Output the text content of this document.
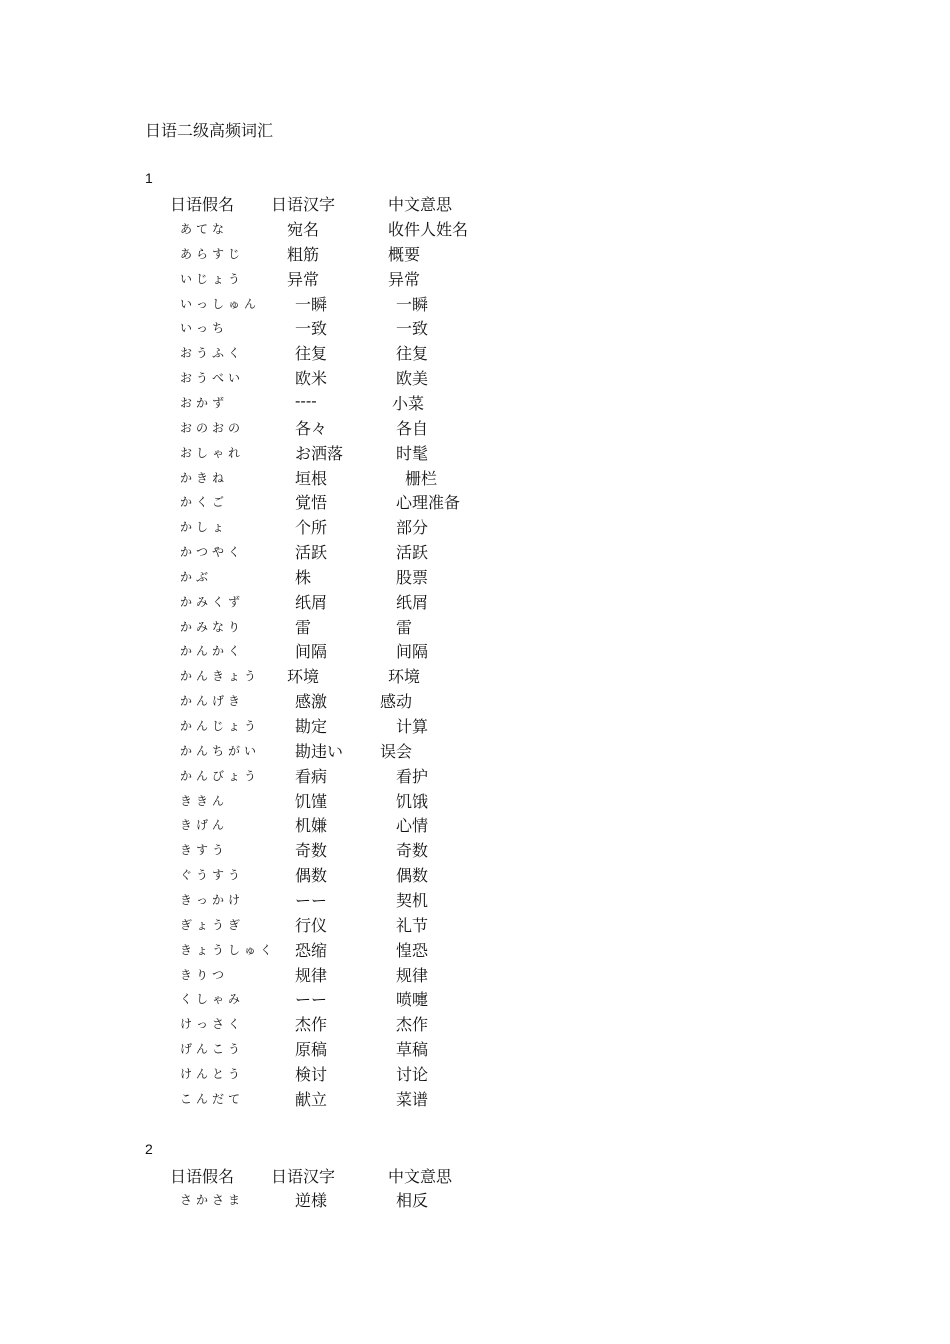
日语二级高频词汇
1
日语假名 日语汉字	中文意思
あてな	宛名	收件人姓名
あらすじ	粗筋	概要
いじょう	异常	异常
いっしゅん 一瞬	一瞬
いっち	一致	一致
おうふく	往复	往复
おうべい	欧米	欧美
おかず	----	小菜
おのおの	各々	各自
おしゃれ	お洒落	时髦
かきね	垣根	栅栏
かくご	覚悟	心理准备
かしょ	个所	部分
かつやく	活跃	活跃
かぶ	株	股票
かみくず	纸屑	纸屑
かみなり	雷	雷
かんかく	间隔	间隔
かんきょう 环境	环境
かんげき	感激	感动
かんじょう 勘定	计算
かんちがい 勘违い 误会
かんびょう 看病	看护
ききん	饥馑	饥饿
きげん	机嫌	心情
きすう	奇数	奇数
ぐうすう	偶数	偶数
きっかけ	ーー	契机
ぎょうぎ	行仪	礼节
きょうしゅく 恐缩	惶恐
きりつ	规律	规律
くしゃみ	ーー	喷嚏
けっさく	杰作	杰作
げんこう	原稿	草稿
けんとう	検讨	讨论
こんだて	献立	菜谱
2
日语假名 日语汉字	中文意思
さかさま	逆様	相反
